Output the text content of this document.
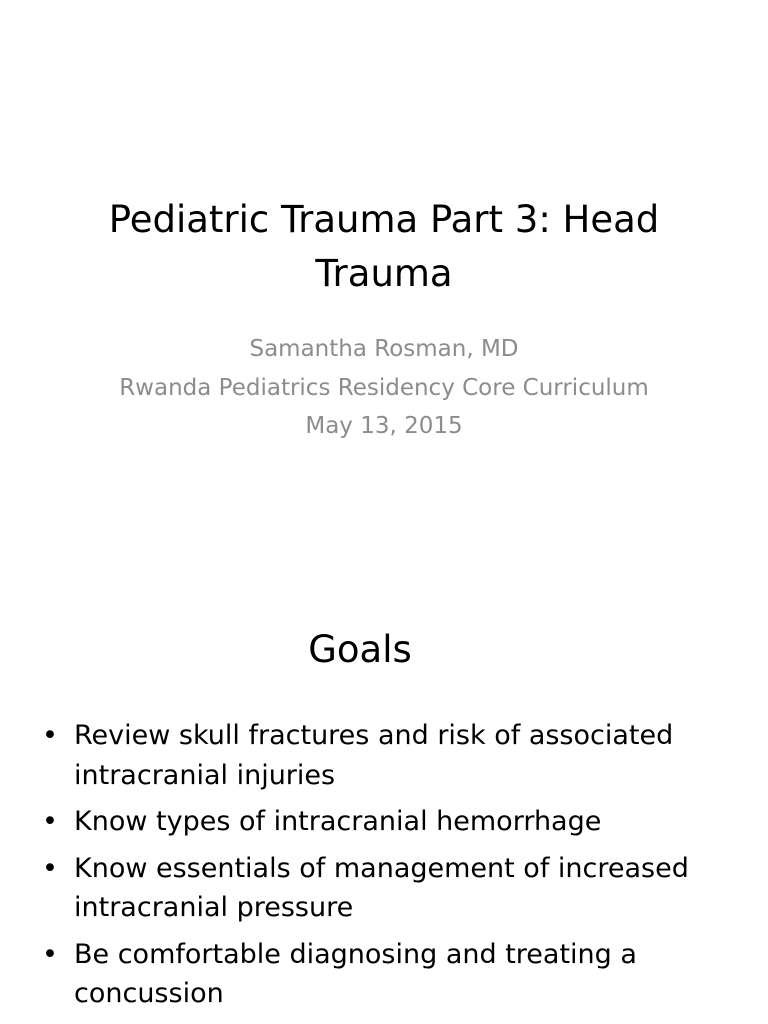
Pediatric Trauma Part 3: Head Trauma
Samantha Rosman, MD
Rwanda Pediatrics Residency Core Curriculum
May 13, 2015
Goals
• Review skull fractures and risk of associated intracranial injuries
• Know types of intracranial hemorrhage
• Know essentials of management of increased intracranial pressure
• Be comfortable diagnosing and treating a concussion
